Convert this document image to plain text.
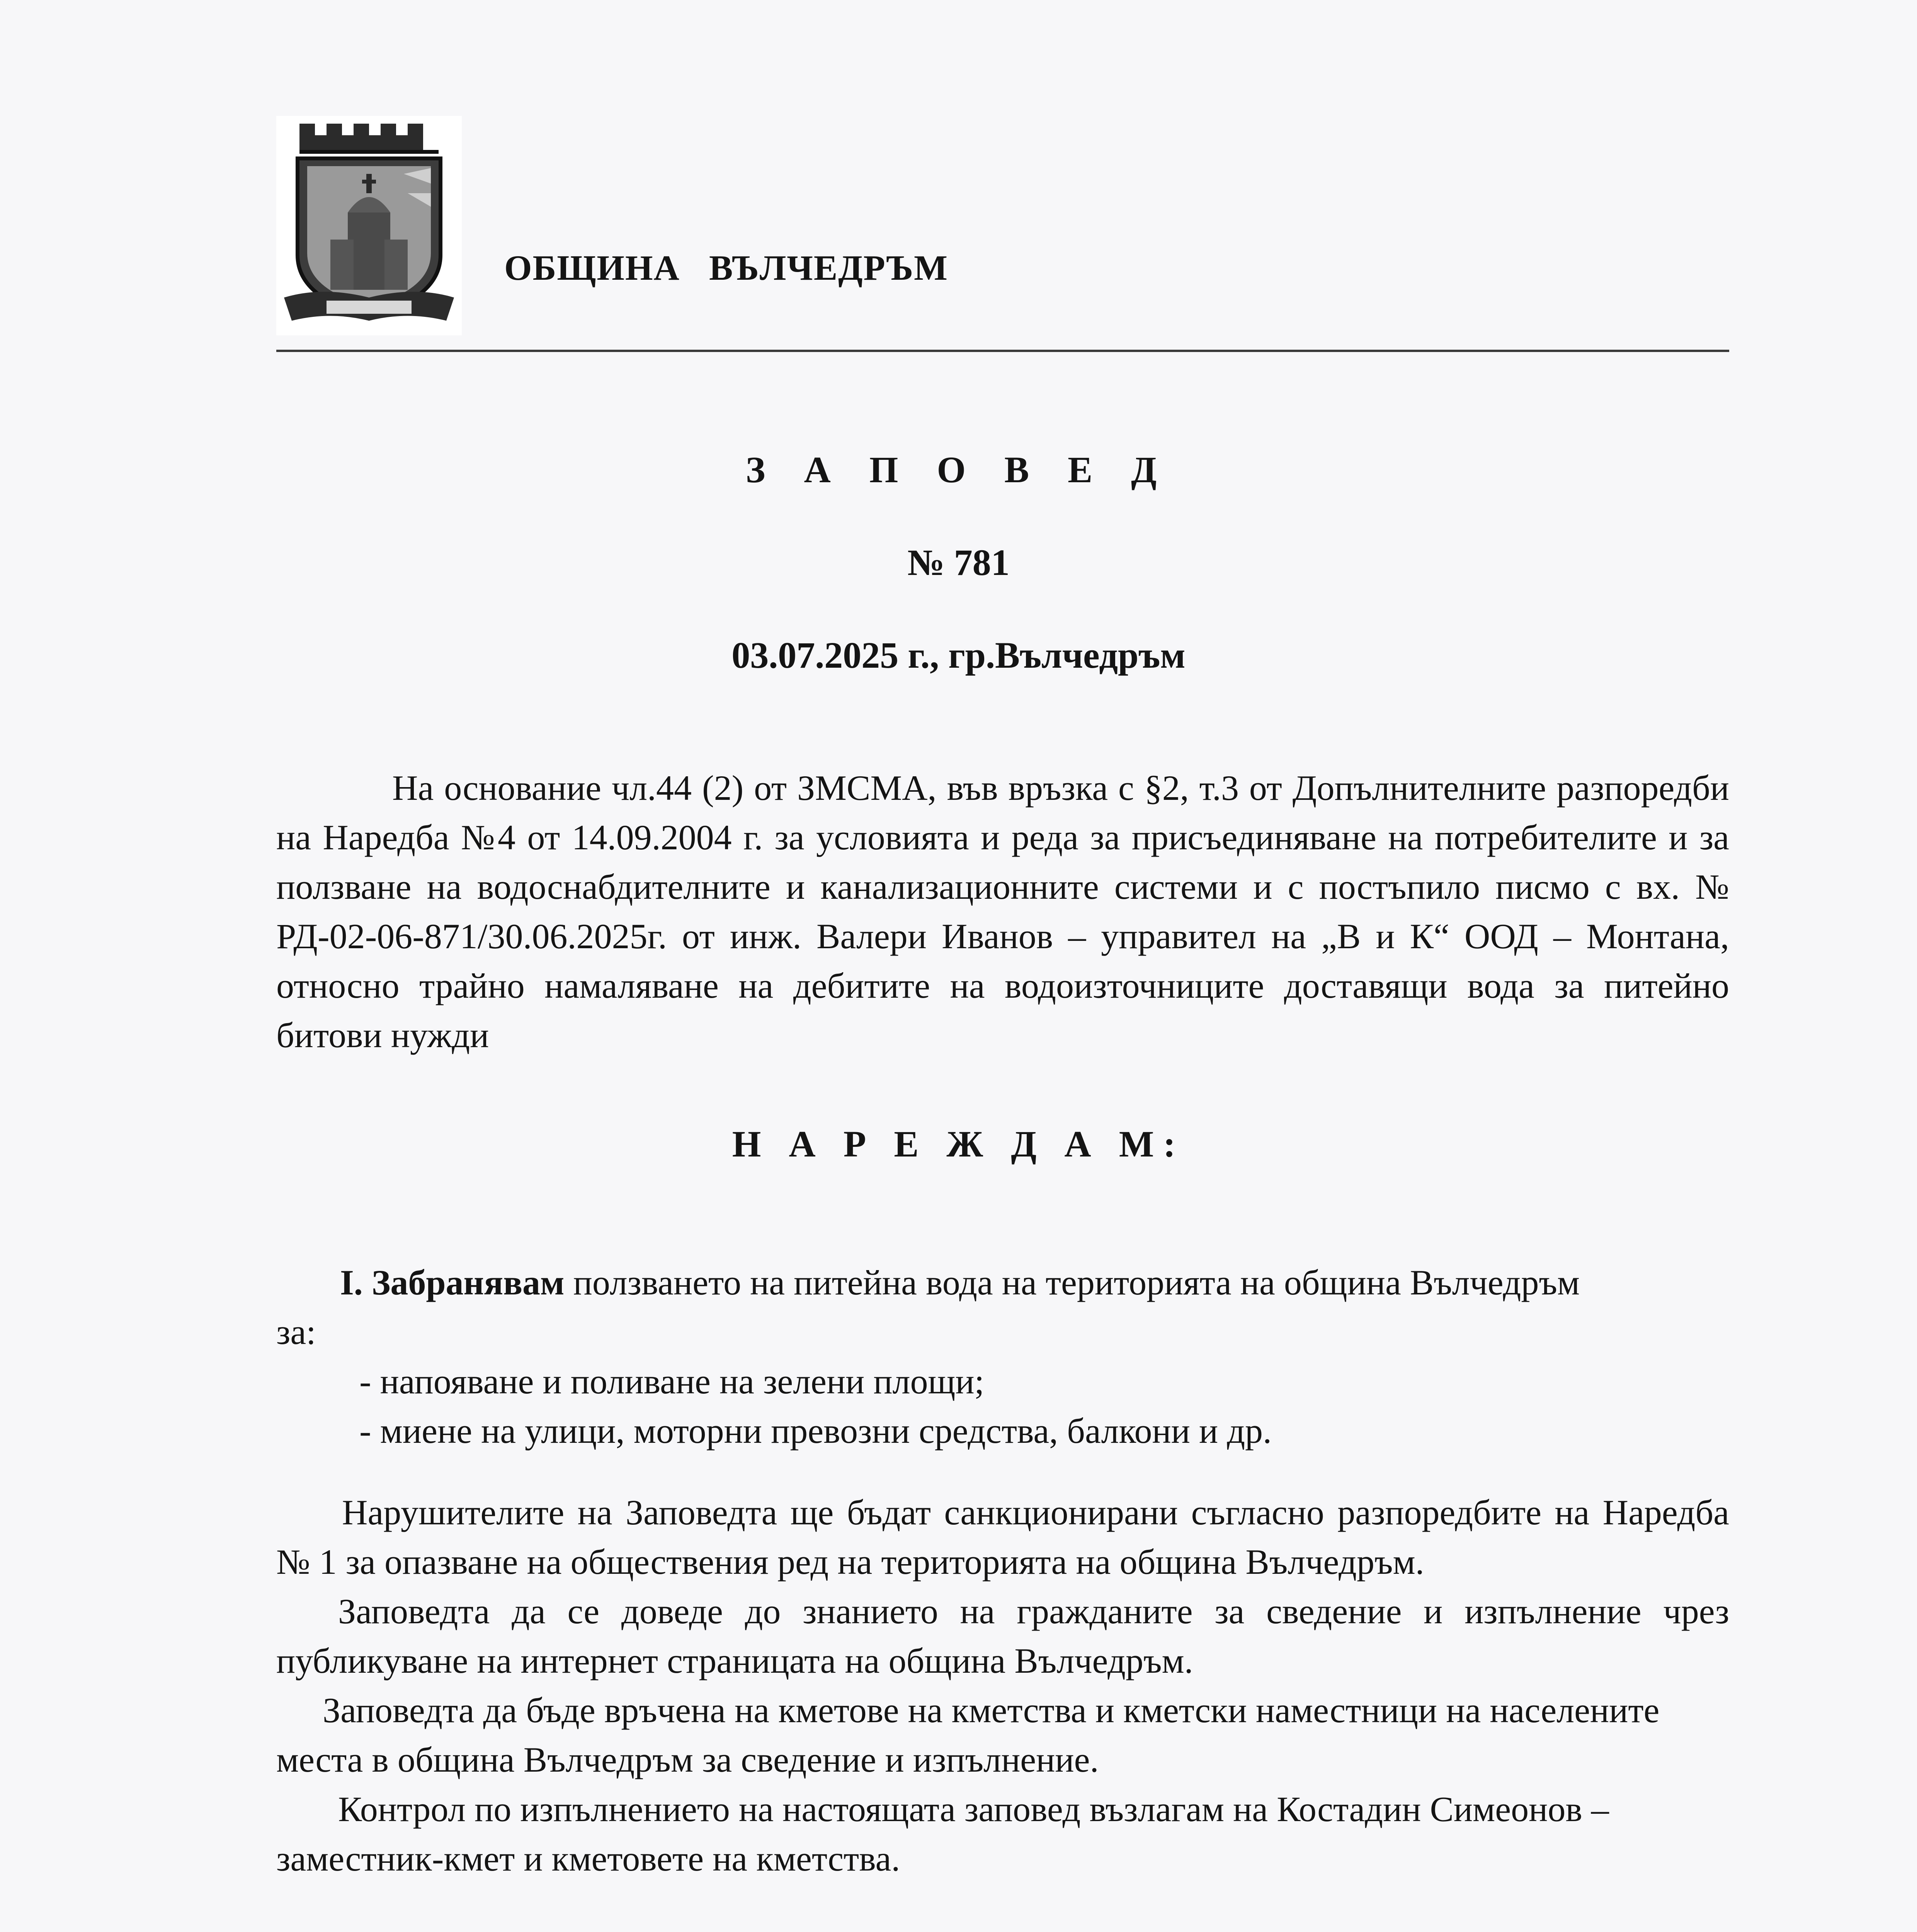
ОБЩИНА   ВЪЛЧЕДРЪМ
З А П О В Е Д
№ 781
03.07.2025 г., гр.Вълчедръм
На основание чл.44 (2) от ЗМСМА, във връзка с §2, т.3 от Допълнителните разпоредби на Наредба №4 от 14.09.2004 г. за условията и реда за присъединяване на потребителите и за ползване на водоснабдителните и канализационните системи и с постъпило писмо с вх. № РД-02-06-871/30.06.2025г. от инж. Валери Иванов – управител на „В и К“ ООД – Монтана, относно трайно намаляване на дебитите на водоизточниците доставящи вода за питейно битови нужди
Н А Р Е Ж Д А М:
I. Забранявам ползването на питейна вода на територията на община Вълчедръм
за:
- напояване и поливане на зелени площи;
- миене на улици, моторни превозни средства, балкони и др.
Нарушителите на Заповедта ще бъдат санкционирани съгласно разпоредбите на Наредба № 1 за опазване на обществения ред на територията на община Вълчедръм.
Заповедта да се доведе до знанието на гражданите за сведение и изпълнение чрез публикуване на интернет страницата на община Вълчедръм.
Заповедта да бъде връчена на кметове на кметства и кметски наместници на населените места в община Вълчедръм за сведение и изпълнение.
Контрол по изпълнението на настоящата заповед възлагам на Костадин Симеонов – заместник-кмет и кметовете на кметства.
